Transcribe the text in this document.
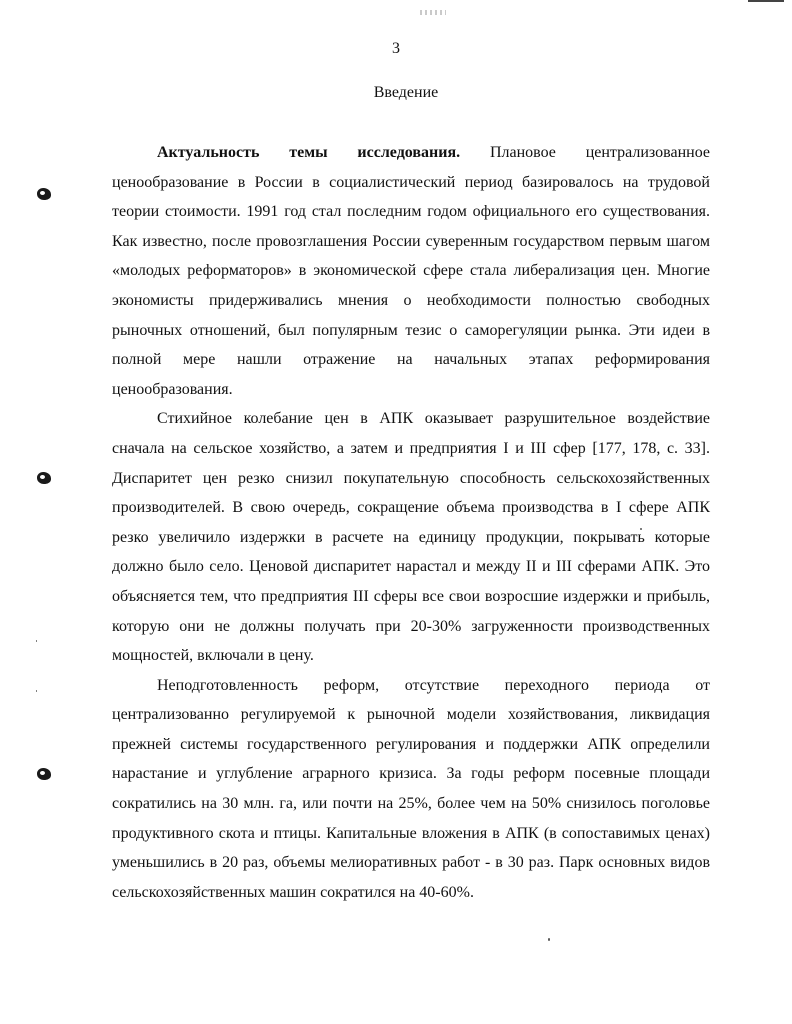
3
Введение

Актуальность темы исследования. Плановое централизованное ценообразование в России в социалистический период базировалось на трудовой теории стоимости. 1991 год стал последним годом официального его существования. Как известно, после провозглашения России суверенным государством первым шагом «молодых реформаторов» в экономической сфере стала либерализация цен. Многие экономисты придерживались мнения о необходимости полностью свободных рыночных отношений, был популярным тезис о саморегуляции рынка. Эти идеи в полной мере нашли отражение на начальных этапах реформирования ценообразования.

Стихийное колебание цен в АПК оказывает разрушительное воздействие сначала на сельское хозяйство, а затем и предприятия I и III сфер [177, 178, с. 33]. Диспаритет цен резко снизил покупательную способность сельскохозяйственных производителей. В свою очередь, сокращение объема производства в I сфере АПК резко увеличило издержки в расчете на единицу продукции, покрывать которые должно было село. Ценовой диспаритет нарастал и между II и III сферами АПК. Это объясняется тем, что предприятия III сферы все свои возросшие издержки и прибыль, которую они не должны получать при 20-30% загруженности производственных мощностей, включали в цену.

Неподготовленность реформ, отсутствие переходного периода от централизованно регулируемой к рыночной модели хозяйствования, ликвидация прежней системы государственного регулирования и поддержки АПК определили нарастание и углубление аграрного кризиса. За годы реформ посевные площади сократились на 30 млн. га, или почти на 25%, более чем на 50% снизилось поголовье продуктивного скота и птицы. Капитальные вложения в АПК (в сопоставимых ценах) уменьшились в 20 раз, объемы мелиоративных работ - в 30 раз. Парк основных видов сельскохозяйственных машин сократился на 40-60%.
